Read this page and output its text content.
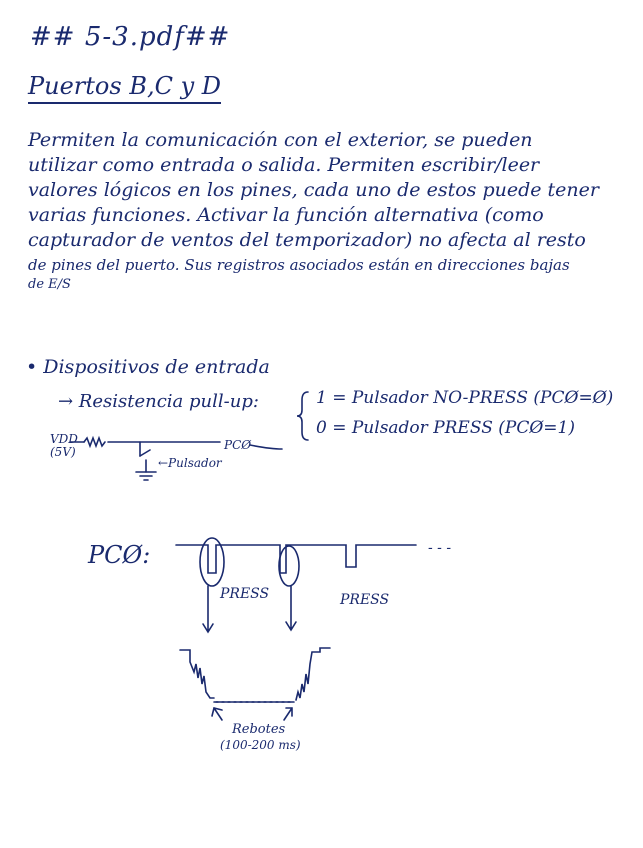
## 5-3.pdf##
Puertos B,C y D
Permiten la comunicación con el exterior, se pueden
utilizar como entrada o salida. Permiten escribir/leer
valores lógicos en los pines, cada uno de estos puede tener
varias funciones. Activar la función alternativa (como
capturador de ventos del temporizador) no afecta al resto
de pines del puerto. Sus registros asociados están en direcciones bajas
de E/S
• Dispositivos de entrada
→ Resistencia pull-up:	1 = Pulsador NO-PRESS (PCØ=Ø)
0 = Pulsador PRESS (PCØ=1)
VDD
(5V)	PCØ
←Pulsador
PCØ:
PRESS	PRESS
Rebotes
(100-200 ms)
- - -
